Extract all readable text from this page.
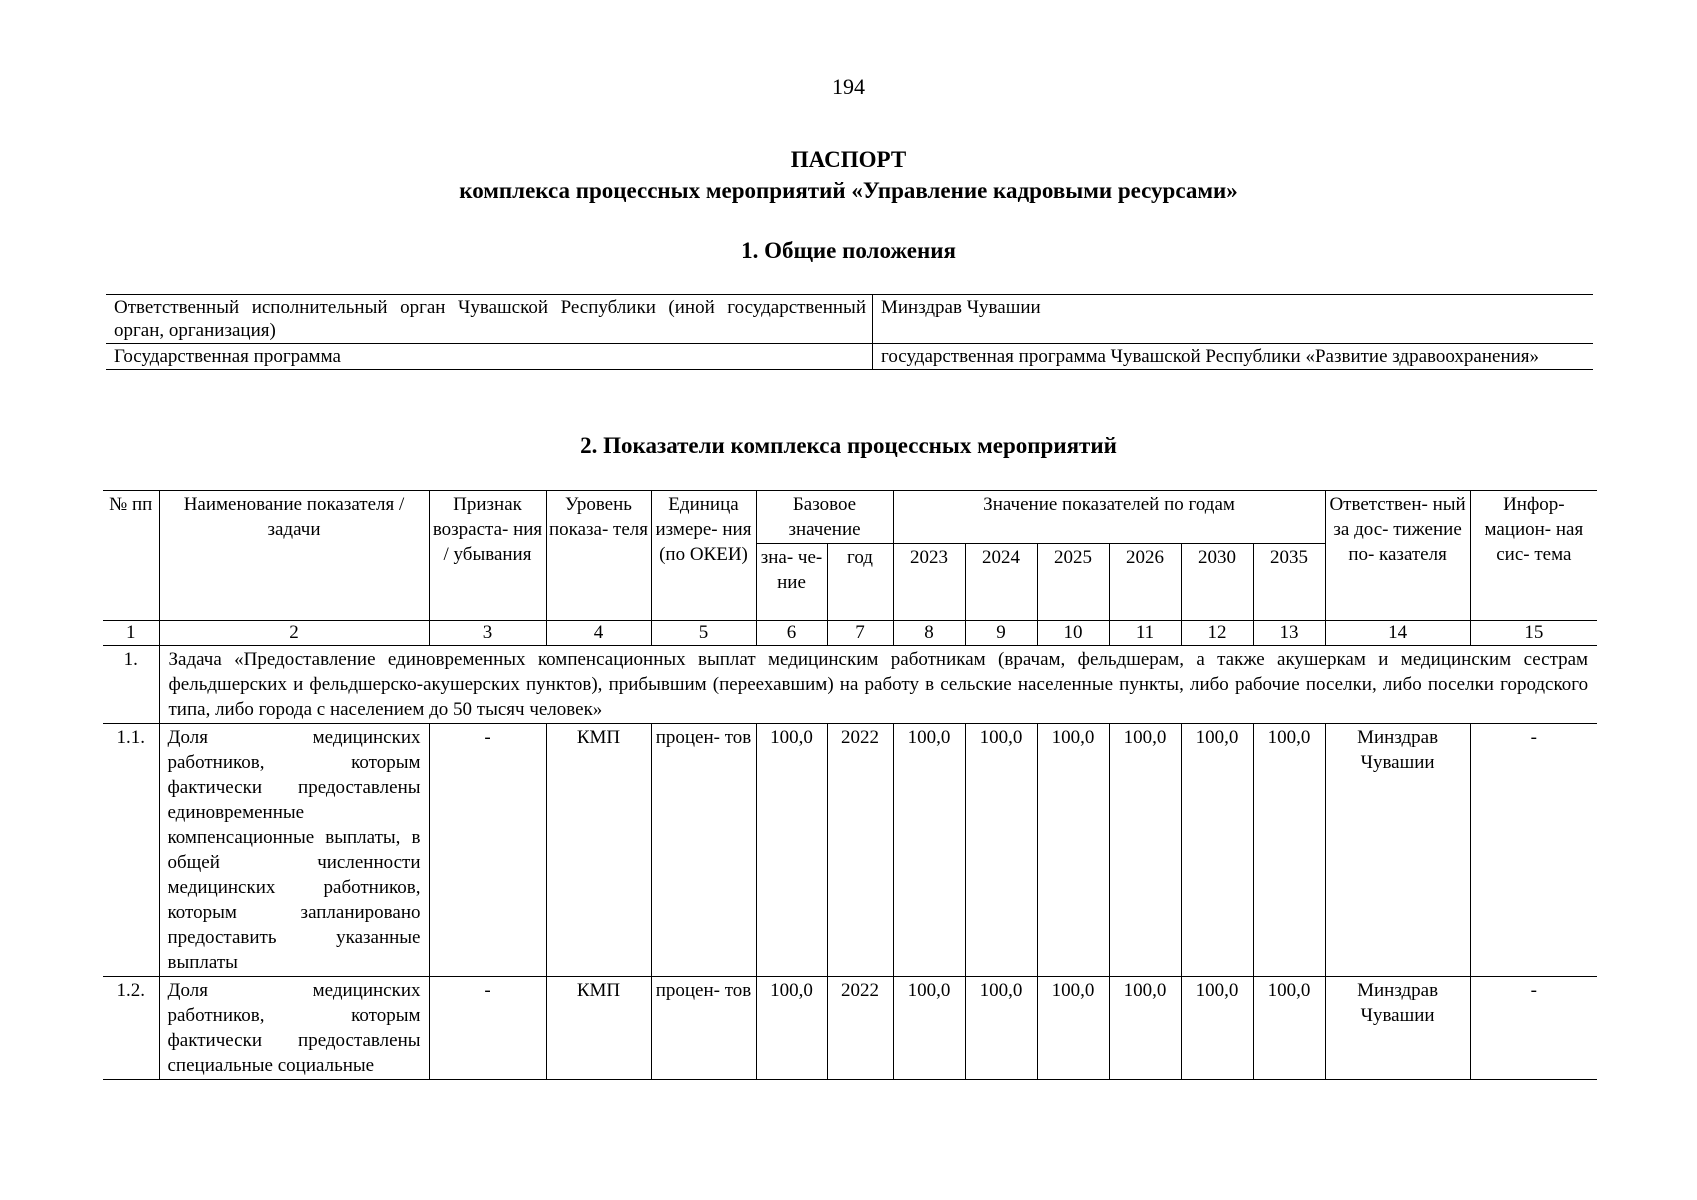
194
ПАСПОРТ
комплекса процессных мероприятий «Управление кадровыми ресурсами»
1. Общие положения
Ответственный исполнительный орган Чувашской Республики (иной государственный орган, организация)	Минздрав Чувашии
Государственная программа	государственная программа Чувашской Республики «Развитие здравоохранения»
2. Показатели комплекса процессных мероприятий
№ пп	Наименование показателя / задачи	Признак возраста- ния / убывания	Уровень показа- теля	Единица измере- ния (по ОКЕИ)	Базовое значение		Значение показателей по годам						Ответствен- ный за дос- тижение по- казателя	Инфор- мацион- ная сис- тема
					зна- че- ние	год	2023	2024	2025	2026	2030	2035		
1	2	3	4	5	6	7	8	9	10	11	12	13	14	15
1.	Задача «Предоставление единовременных компенсационных выплат медицинским работникам (врачам, фельдшерам, а также акушеркам и медицинским сестрам фельдшерских и фельдшерско-акушерских пунктов), прибывшим (переехавшим) на работу в сельские населенные пункты, либо рабочие поселки, либо поселки городского типа, либо города с населением до 50 тысяч человек»													
1.1.	Доля медицинских работников, которым фактически предоставлены единовременные компенсационные выплаты, в общей численности медицинских работников, которым запланировано предоставить указанные выплаты	-	КМП	процен- тов	100,0	2022	100,0	100,0	100,0	100,0	100,0	100,0	Минздрав Чувашии	-
1.2.	Доля медицинских работников, которым фактически предоставлены специальные социальные	-	КМП	процен- тов	100,0	2022	100,0	100,0	100,0	100,0	100,0	100,0	Минздрав Чувашии	-
